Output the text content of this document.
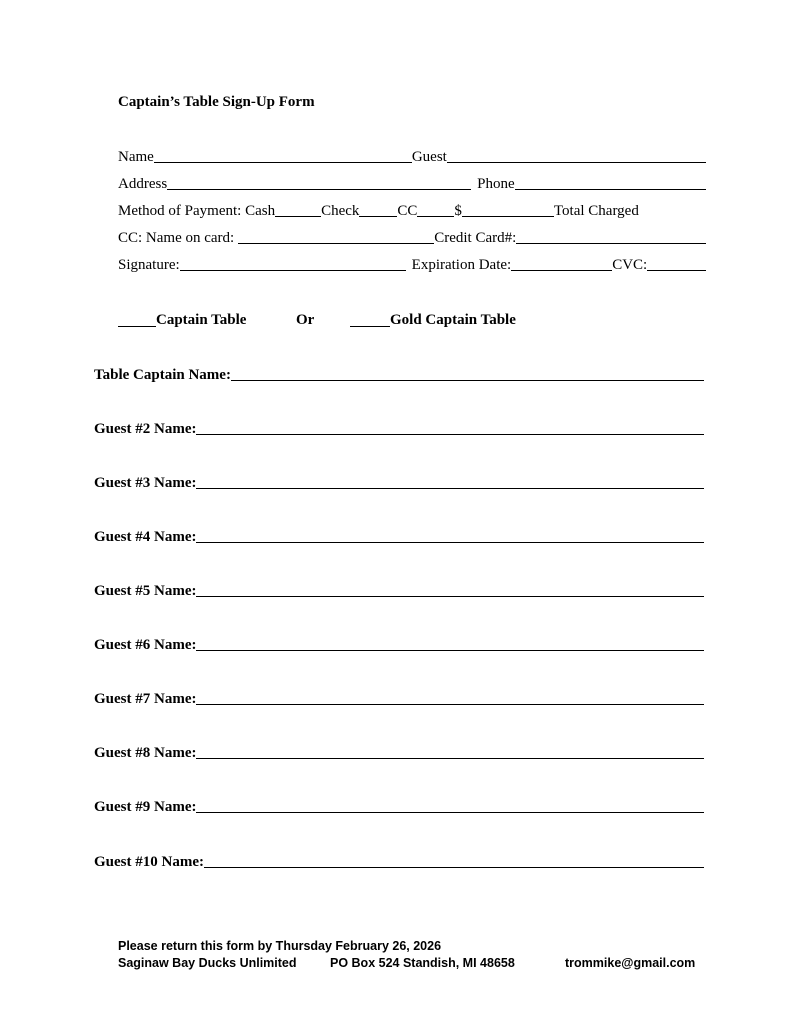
Captain’s Table Sign-Up Form
Name	Guest
Address	Phone
Method of Payment: Cash	Check	CC $	Total Charged
CC: Name on card:	Credit Card#:
Signature:	Expiration Date:	CVC:
Captain Table	Or	Gold Captain Table
Table Captain Name:
Guest #2 Name:
Guest #3 Name:
Guest #4 Name:
Guest #5 Name:
Guest #6 Name:
Guest #7 Name:
Guest #8 Name:
Guest #9 Name:
Guest #10 Name:
Please return this form by Thursday February 26, 2026
Saginaw Bay Ducks Unlimited	PO Box 524 Standish, MI 48658	trommike@gmail.com
